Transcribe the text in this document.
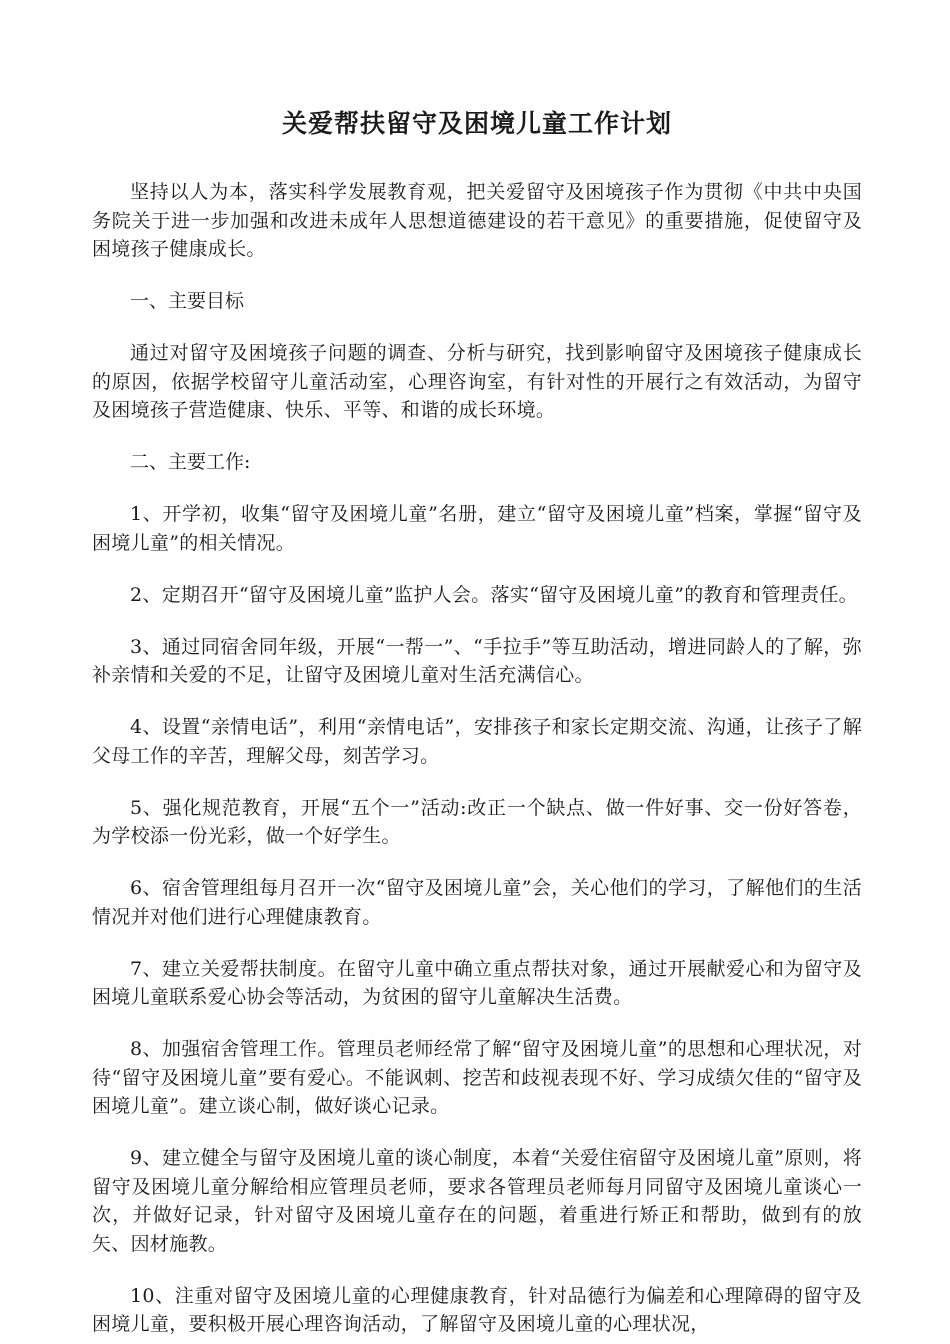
关爱帮扶留守及困境儿童工作计划

坚持以人为本，落实科学发展教育观，把关爱留守及困境孩子作为贯彻《中共中央国务院关于进一步加强和改进未成年人思想道德建设的若干意见》的重要措施，促使留守及困境孩子健康成长。

一、主要目标

通过对留守及困境孩子问题的调查、分析与研究，找到影响留守及困境孩子健康成长的原因，依据学校留守儿童活动室，心理咨询室，有针对性的开展行之有效活动，为留守及困境孩子营造健康、快乐、平等、和谐的成长环境。

二、主要工作:

1、开学初，收集“留守及困境儿童”名册，建立“留守及困境儿童”档案，掌握“留守及困境儿童”的相关情况。

2、定期召开“留守及困境儿童”监护人会。落实“留守及困境儿童”的教育和管理责任。

3、通过同宿舍同年级，开展“一帮一”、“手拉手”等互助活动，增进同龄人的了解，弥补亲情和关爱的不足，让留守及困境儿童对生活充满信心。

4、设置“亲情电话”，利用“亲情电话”，安排孩子和家长定期交流、沟通，让孩子了解父母工作的辛苦，理解父母，刻苦学习。

5、强化规范教育，开展“五个一”活动:改正一个缺点、做一件好事、交一份好答卷，为学校添一份光彩，做一个好学生。

6、宿舍管理组每月召开一次“留守及困境儿童”会，关心他们的学习，了解他们的生活情况并对他们进行心理健康教育。

7、建立关爱帮扶制度。在留守儿童中确立重点帮扶对象，通过开展献爱心和为留守及困境儿童联系爱心协会等活动，为贫困的留守儿童解决生活费。

8、加强宿舍管理工作。管理员老师经常了解“留守及困境儿童”的思想和心理状况，对待“留守及困境儿童”要有爱心。不能讽刺、挖苦和歧视表现不好、学习成绩欠佳的“留守及困境儿童”。建立谈心制，做好谈心记录。

9、建立健全与留守及困境儿童的谈心制度，本着“关爱住宿留守及困境儿童”原则，将留守及困境儿童分解给相应管理员老师，要求各管理员老师每月同留守及困境儿童谈心一次，并做好记录，针对留守及困境儿童存在的问题，着重进行矫正和帮助，做到有的放矢、因材施教。

10、注重对留守及困境儿童的心理健康教育，针对品德行为偏差和心理障碍的留守及困境儿童，要积极开展心理咨询活动，了解留守及困境儿童的心理状况，
